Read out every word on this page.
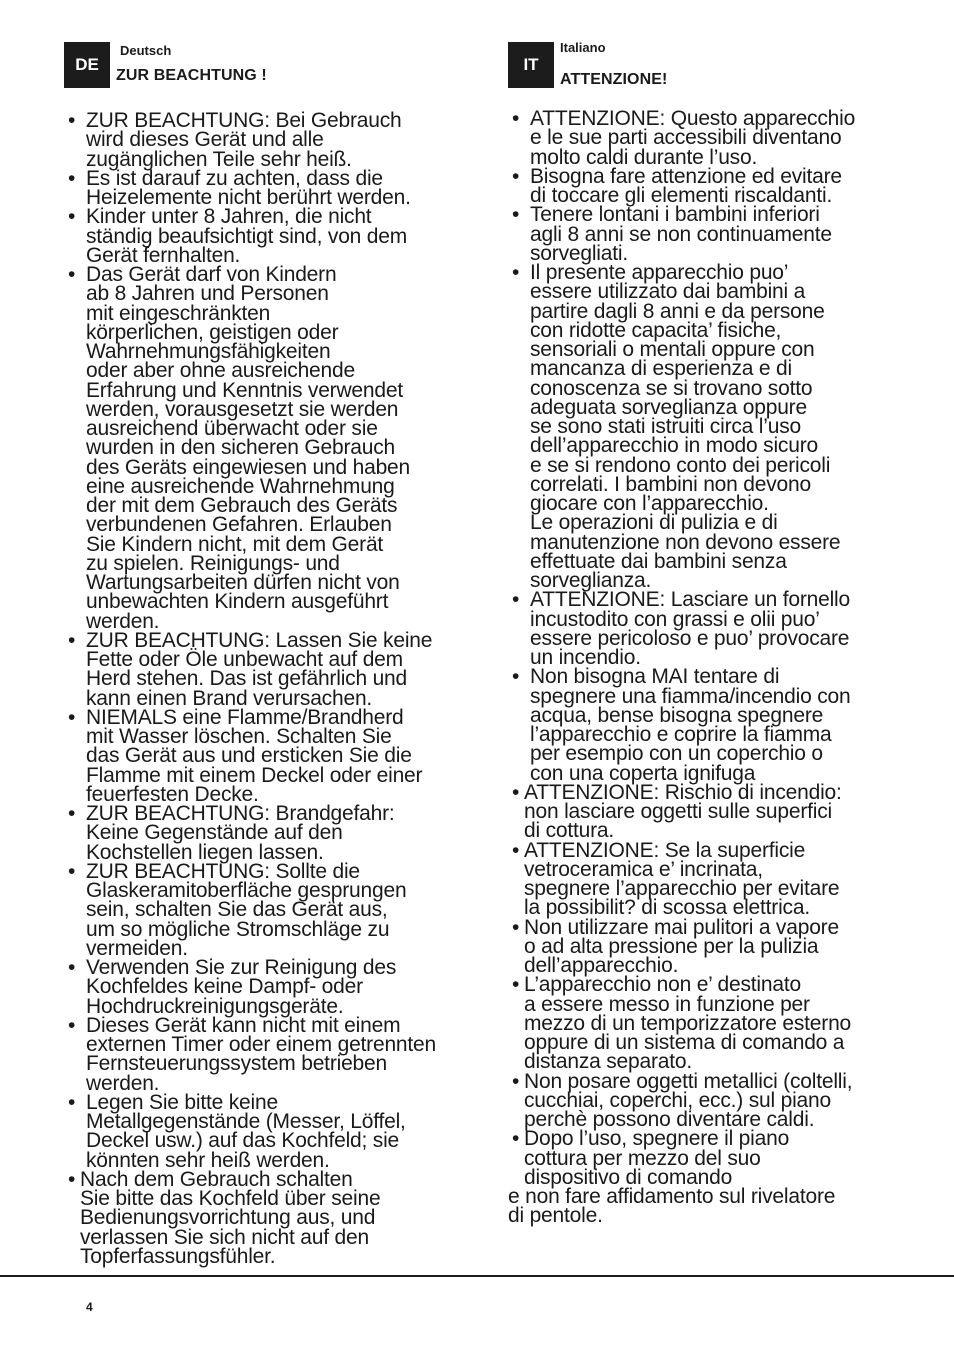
DE
Deutsch
ZUR BEACHTUNG !
• ZUR BEACHTUNG: Bei Gebrauch
wird dieses Gerät und alle
zugänglichen Teile sehr heiß.
• Es ist darauf zu achten, dass die
Heizelemente nicht berührt werden.
• Kinder unter 8 Jahren, die nicht
ständig beaufsichtigt sind, von dem
Gerät fernhalten.
• Das Gerät darf von Kindern
ab 8 Jahren und Personen
mit eingeschränkten
körperlichen, geistigen oder
Wahrnehmungsfähigkeiten
oder aber ohne ausreichende
Erfahrung und Kenntnis verwendet
werden, vorausgesetzt sie werden
ausreichend überwacht oder sie
wurden in den sicheren Gebrauch
des Geräts eingewiesen und haben
eine ausreichende Wahrnehmung
der mit dem Gebrauch des Geräts
verbundenen Gefahren. Erlauben
Sie Kindern nicht, mit dem Gerät
zu spielen. Reinigungs- und
Wartungsarbeiten dürfen nicht von
unbewachten Kindern ausgeführt
werden.
• ZUR BEACHTUNG: Lassen Sie keine
Fette oder Öle unbewacht auf dem
Herd stehen. Das ist gefährlich und
kann einen Brand verursachen.
• NIEMALS eine Flamme/Brandherd
mit Wasser löschen. Schalten Sie
das Gerät aus und ersticken Sie die
Flamme mit einem Deckel oder einer
feuerfesten Decke.
• ZUR BEACHTUNG: Brandgefahr:
Keine Gegenstände auf den
Kochstellen liegen lassen.
• ZUR BEACHTUNG: Sollte die
Glaskeramitoberfläche gesprungen
sein, schalten Sie das Gerät aus,
um so mögliche Stromschläge zu
vermeiden.
• Verwenden Sie zur Reinigung des
Kochfeldes keine Dampf- oder
Hochdruckreinigungsgeräte.
• Dieses Gerät kann nicht mit einem
externen Timer oder einem getrennten
Fernsteuerungssystem betrieben
werden.
• Legen Sie bitte keine
Metallgegenstände (Messer, Löffel,
Deckel usw.) auf das Kochfeld; sie
könnten sehr heiß werden.
• Nach dem Gebrauch schalten
Sie bitte das Kochfeld über seine
Bedienungsvorrichtung aus, und
verlassen Sie sich nicht auf den
Topferfassungsfühler.
IT
Italiano
ATTENZIONE!
• ATTENZIONE: Questo apparecchio
e le sue parti accessibili diventano
molto caldi durante l’uso.
• Bisogna fare attenzione ed evitare
di toccare gli elementi riscaldanti.
• Tenere lontani i bambini inferiori
agli 8 anni se non continuamente
sorvegliati.
• Il presente apparecchio puo’
essere utilizzato dai bambini a
partire dagli 8 anni e da persone
con ridotte capacita’ fisiche,
sensoriali o mentali oppure con
mancanza di esperienza e di
conoscenza se si trovano sotto
adeguata sorveglianza oppure
se sono stati istruiti circa l’uso
dell’apparecchio in modo sicuro
e se si rendono conto dei pericoli
correlati. I bambini non devono
giocare con l’apparecchio.
Le operazioni di pulizia e di
manutenzione non devono essere
effettuate dai bambini senza
sorveglianza.
• ATTENZIONE: Lasciare un fornello
incustodito con grassi e olii puo’
essere pericoloso e puo’ provocare
un incendio.
• Non bisogna MAI tentare di
spegnere una fiamma/incendio con
acqua, bense bisogna spegnere
l’apparecchio e coprire la fiamma
per esempio con un coperchio o
con una coperta ignifuga
• ATTENZIONE: Rischio di incendio:
non lasciare oggetti sulle superfici
di cottura.
• ATTENZIONE: Se la superficie
vetroceramica e’ incrinata,
spegnere l’apparecchio per evitare
la possibilit? di scossa elettrica.
• Non utilizzare mai pulitori a vapore
o ad alta pressione per la pulizia
dell’apparecchio.
• L’apparecchio non e’ destinato
a essere messo in funzione per
mezzo di un temporizzatore esterno
oppure di un sistema di comando a
distanza separato.
• Non posare oggetti metallici (coltelli,
cucchiai, coperchi, ecc.) sul piano
perchè possono diventare caldi.
• Dopo l’uso, spegnere il piano
cottura per mezzo del suo
dispositivo di comando
e non fare affidamento sul rivelatore
di pentole.
4
